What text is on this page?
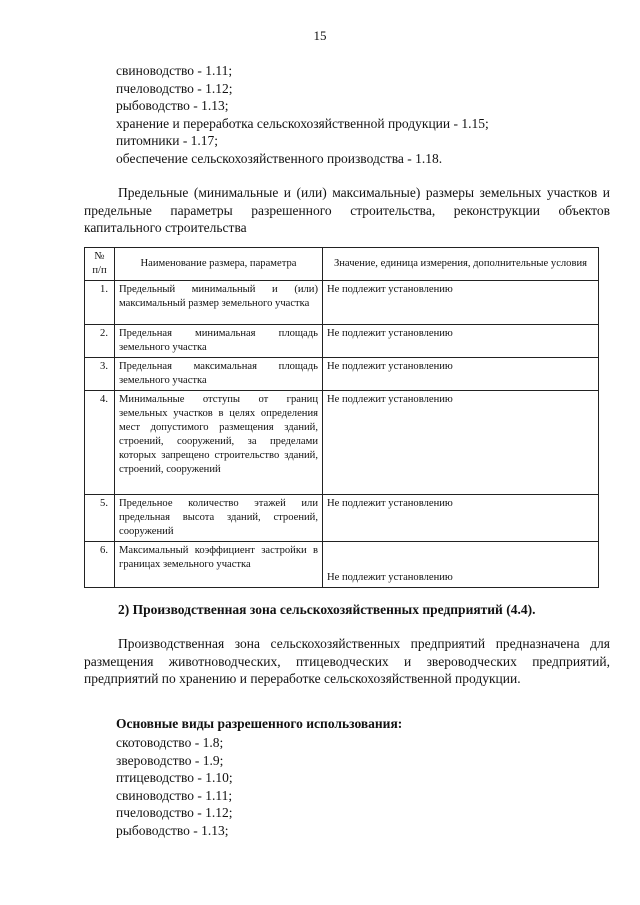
15
свиноводство - 1.11;
пчеловодство - 1.12;
рыбоводство - 1.13;
хранение и переработка сельскохозяйственной продукции - 1.15;
питомники - 1.17;
обеспечение сельскохозяйственного производства - 1.18.

Предельные (минимальные и (или) максимальные) размеры земельных участков и предельные параметры разрешенного строительства, реконструкции объектов капитального строительства

№ п/п	Наименование размера, параметра	Значение, единица измерения, дополнительные условия
1.	Предельный минимальный и (или) максимальный размер земельного участка	Не подлежит установлению
2.	Предельная минимальная площадь земельного участка	Не подлежит установлению
3.	Предельная максимальная площадь земельного участка	Не подлежит установлению
4.	Минимальные отступы от границ земельных участков в целях определения мест допустимого размещения зданий, строений, сооружений, за пределами которых запрещено строительство зданий, строений, сооружений	Не подлежит установлению
5.	Предельное количество этажей или предельная высота зданий, строений, сооружений	Не подлежит установлению
6.	Максимальный коэффициент застройки в границах земельного участка	Не подлежит установлению
2) Производственная зона сельскохозяйственных предприятий (4.4).

Производственная зона сельскохозяйственных предприятий предназначена для размещения животноводческих, птицеводческих и звероводческих предприятий, предприятий по хранению и переработке сельскохозяйственной продукции.

Основные виды разрешенного использования:
скотоводство - 1.8;
звероводство - 1.9;
птицеводство - 1.10;
свиноводство - 1.11;
пчеловодство - 1.12;
рыбоводство - 1.13;
